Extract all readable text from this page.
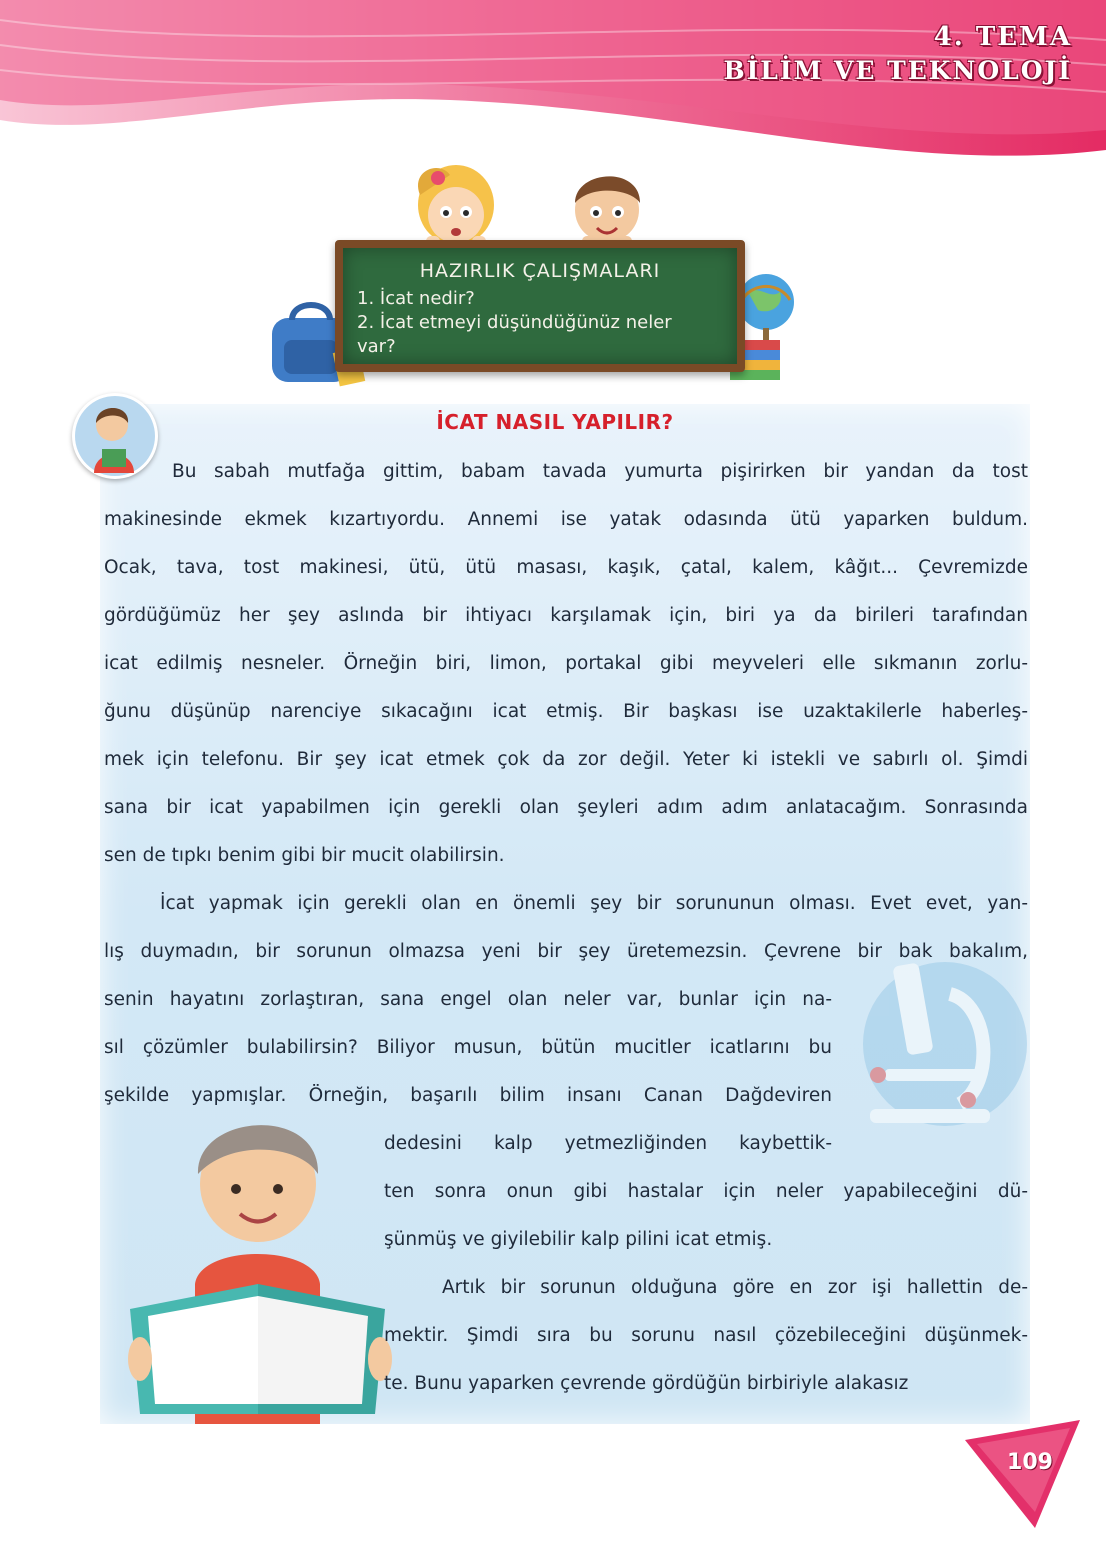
4. TEMA
BİLİM VE TEKNOLOJİ
HAZIRLIK ÇALIŞMALARI
1. İcat nedir?
2. İcat etmeyi düşündüğünüz neler
var?
İCAT NASIL YAPILIR?
Bu sabah mutfağa gittim, babam tavada yumurta pişirirken bir yandan da tost
makinesinde ekmek kızartıyordu. Annemi ise yatak odasında ütü yaparken buldum.
Ocak, tava, tost makinesi, ütü, ütü masası, kaşık, çatal, kalem, kâğıt... Çevremizde
gördüğümüz her şey aslında bir ihtiyacı karşılamak için, biri ya da birileri tarafından
icat edilmiş nesneler. Örneğin biri, limon, portakal gibi meyveleri elle sıkmanın zorlu-
ğunu düşünüp narenciye sıkacağını icat etmiş. Bir başkası ise uzaktakilerle haberleş-
mek için telefonu. Bir şey icat etmek çok da zor değil. Yeter ki istekli ve sabırlı ol. Şimdi
sana bir icat yapabilmen için gerekli olan şeyleri adım adım anlatacağım. Sonrasında
sen de tıpkı benim gibi bir mucit olabilirsin.
İcat yapmak için gerekli olan en önemli şey bir sorununun olması. Evet evet, yan-
lış duymadın, bir sorunun olmazsa yeni bir şey üretemezsin. Çevrene bir bak bakalım,
senin hayatını zorlaştıran, sana engel olan neler var, bunlar için na-
sıl çözümler bulabilirsin? Biliyor musun, bütün mucitler icatlarını bu
şekilde yapmışlar. Örneğin, başarılı bilim insanı Canan Dağdeviren
dedesini kalp yetmezliğinden kaybettik-
ten sonra onun gibi hastalar için neler yapabileceğini dü-
şünmüş ve giyilebilir kalp pilini icat etmiş.
Artık bir sorunun olduğuna göre en zor işi hallettin de-
mektir. Şimdi sıra bu sorunu nasıl çözebileceğini düşünmek-
te. Bunu yaparken çevrende gördüğün birbiriyle alakasız
109
